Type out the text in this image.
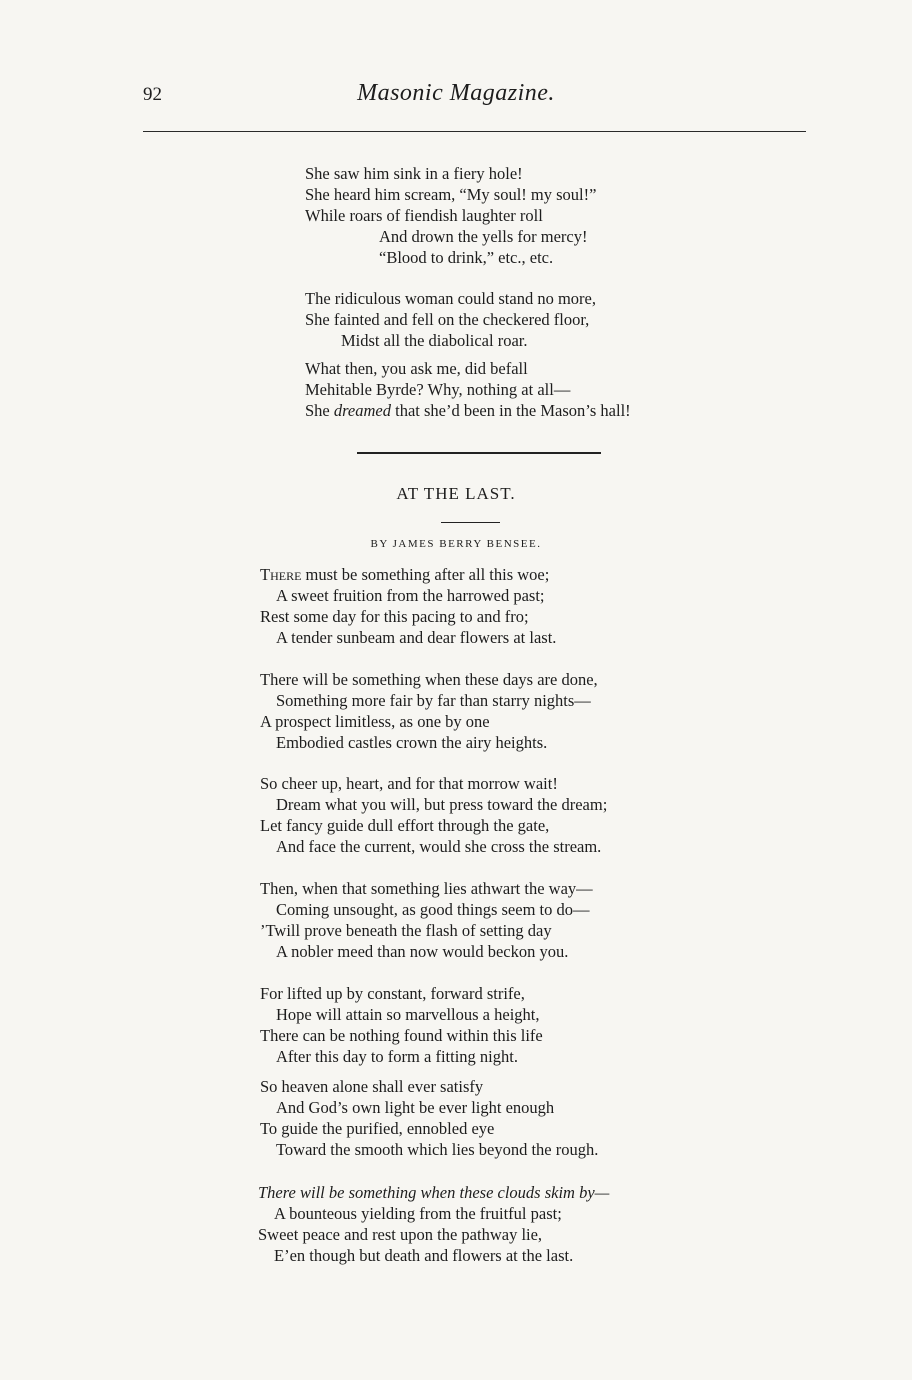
92	Masonic Magazine.
She saw him sink in a fiery hole!
She heard him scream, “My soul! my soul!”
While roars of fiendish laughter roll
And drown the yells for mercy!
“Blood to drink,” etc., etc.
The ridiculous woman could stand no more,
She fainted and fell on the checkered floor,
Midst all the diabolical roar.
What then, you ask me, did befall
Mehitable Byrde? Why, nothing at all—
She dreamed that she’d been in the Mason’s hall!
AT THE LAST.
BY JAMES BERRY BENSEE.
There must be something after all this woe;
A sweet fruition from the harrowed past;
Rest some day for this pacing to and fro;
A tender sunbeam and dear flowers at last.
There will be something when these days are done,
Something more fair by far than starry nights—
A prospect limitless, as one by one
Embodied castles crown the airy heights.
So cheer up, heart, and for that morrow wait!
Dream what you will, but press toward the dream;
Let fancy guide dull effort through the gate,
And face the current, would she cross the stream.
Then, when that something lies athwart the way—
Coming unsought, as good things seem to do—
’Twill prove beneath the flash of setting day
A nobler meed than now would beckon you.
For lifted up by constant, forward strife,
Hope will attain so marvellous a height,
There can be nothing found within this life
After this day to form a fitting night.
So heaven alone shall ever satisfy
And God’s own light be ever light enough
To guide the purified, ennobled eye
Toward the smooth which lies beyond the rough.
There will be something when these clouds skim by—
A bounteous yielding from the fruitful past;
Sweet peace and rest upon the pathway lie,
E’en though but death and flowers at the last.
